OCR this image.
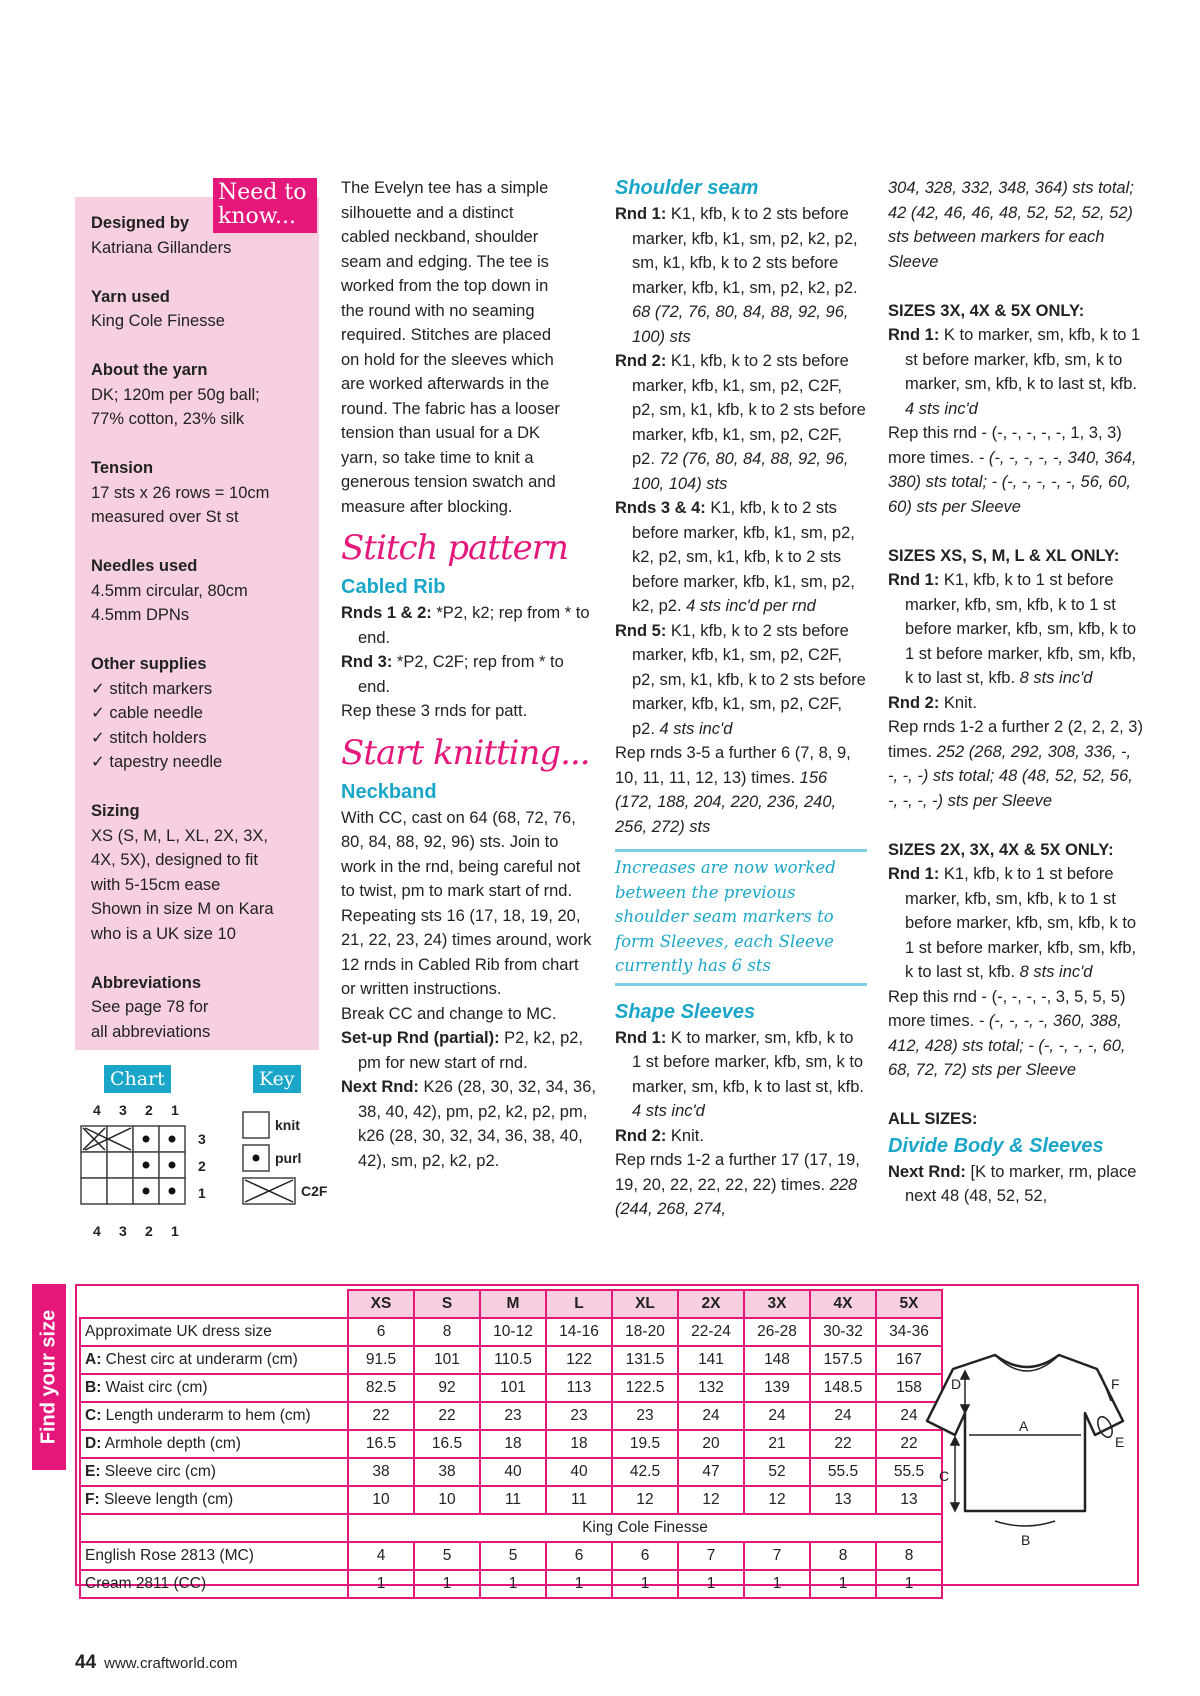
Designed by
Katriana Gillanders
Yarn used
King Cole Finesse
About the yarn
DK; 120m per 50g ball;
77% cotton, 23% silk
Tension
17 sts x 26 rows = 10cm
measured over St st
Needles used
4.5mm circular, 80cm
4.5mm DPNs
Other supplies
✓ stitch markers
✓ cable needle
✓ stitch holders
✓ tapestry needle
Sizing
XS (S, M, L, XL, 2X, 3X,
4X, 5X), designed to fit
with 5-15cm ease
Shown in size M on Kara
who is a UK size 10
Abbreviations
See page 78 for
all abbreviations
Need to know...
Chart	Key
4 3 2 1
4 3 2 1
3
2
1
knit
purl
C2F

The Evelyn tee has a simple
silhouette and a distinct
cabled neckband, shoulder
seam and edging. The tee is
worked from the top down in
the round with no seaming
required. Stitches are placed
on hold for the sleeves which
are worked afterwards in the
round. The fabric has a looser
tension than usual for a DK
yarn, so take time to knit a
generous tension swatch and
measure after blocking.

Stitch pattern
Cabled Rib

Rnds 1 & 2: *P2, k2; rep from * to end.

Rnd 3: *P2, C2F; rep from * to end.

Rep these 3 rnds for patt.

Start knitting...
Neckband

With CC, cast on 64 (68, 72, 76, 80, 84, 88, 92, 96) sts. Join to work in the rnd, being careful not to twist, pm to mark start of rnd. Repeating sts 16 (17, 18, 19, 20, 21, 22, 23, 24) times around, work 12 rnds in Cabled Rib from chart or written instructions.

Break CC and change to MC.

Set-up Rnd (partial): P2, k2, p2, pm for new start of rnd.

Next Rnd: K26 (28, 30, 32, 34, 36, 38, 40, 42), pm, p2, k2, p2, pm, k26 (28, 30, 32, 34, 36, 38, 40, 42), sm, p2, k2, p2.

Shoulder seam

Rnd 1: K1, kfb, k to 2 sts before marker, kfb, k1, sm, p2, k2, p2, sm, k1, kfb, k to 2 sts before marker, kfb, k1, sm, p2, k2, p2. 68 (72, 76, 80, 84, 88, 92, 96, 100) sts

Rnd 2: K1, kfb, k to 2 sts before marker, kfb, k1, sm, p2, C2F, p2, sm, k1, kfb, k to 2 sts before marker, kfb, k1, sm, p2, C2F, p2. 72 (76, 80, 84, 88, 92, 96, 100, 104) sts

Rnds 3 & 4: K1, kfb, k to 2 sts before marker, kfb, k1, sm, p2, k2, p2, sm, k1, kfb, k to 2 sts before marker, kfb, k1, sm, p2, k2, p2. 4 sts inc'd per rnd

Rnd 5: K1, kfb, k to 2 sts before marker, kfb, k1, sm, p2, C2F, p2, sm, k1, kfb, k to 2 sts before marker, kfb, k1, sm, p2, C2F, p2. 4 sts inc'd

Rep rnds 3-5 a further 6 (7, 8, 9, 10, 11, 11, 12, 13) times. 156 (172, 188, 204, 220, 236, 240, 256, 272) sts

Increases are now worked between the previous shoulder seam markers to form Sleeves, each Sleeve currently has 6 sts
Shape Sleeves

Rnd 1: K to marker, sm, kfb, k to 1 st before marker, kfb, sm, k to marker, sm, kfb, k to last st, kfb. 4 sts inc'd

Rnd 2: Knit.

Rep rnds 1-2 a further 17 (17, 19, 19, 20, 22, 22, 22, 22) times. 228 (244, 268, 274,

304, 328, 332, 348, 364) sts total; 42 (42, 46, 46, 48, 52, 52, 52, 52) sts between markers for each Sleeve

SIZES 3X, 4X & 5X ONLY:

Rnd 1: K to marker, sm, kfb, k to 1 st before marker, kfb, sm, k to marker, sm, kfb, k to last st, kfb. 4 sts inc'd

Rep this rnd - (-, -, -, -, -, 1, 3, 3) more times. - (-, -, -, -, -, 340, 364, 380) sts total; - (-, -, -, -, -, 56, 60, 60) sts per Sleeve

SIZES XS, S, M, L & XL ONLY:

Rnd 1: K1, kfb, k to 1 st before marker, kfb, sm, kfb, k to 1 st before marker, kfb, sm, kfb, k to 1 st before marker, kfb, sm, kfb, k to last st, kfb. 8 sts inc'd

Rnd 2: Knit.

Rep rnds 1-2 a further 2 (2, 2, 2, 3) times. 252 (268, 292, 308, 336, -, -, -, -) sts total; 48 (48, 52, 52, 56, -, -, -, -) sts per Sleeve

SIZES 2X, 3X, 4X & 5X ONLY:

Rnd 1: K1, kfb, k to 1 st before marker, kfb, sm, kfb, k to 1 st before marker, kfb, sm, kfb, k to 1 st before marker, kfb, sm, kfb, k to last st, kfb. 8 sts inc'd

Rep this rnd - (-, -, -, -, 3, 5, 5, 5) more times. - (-, -, -, -, 360, 388, 412, 428) sts total; - (-, -, -, -, 60, 68, 72, 72) sts per Sleeve

ALL SIZES:

Divide Body & Sleeves

Next Rnd: [K to marker, rm, place next 48 (48, 52, 52,

Find your size
	XS	S	M	L	XL	2X	3X	4X	5X
Approximate UK dress size	6	8	10-12	14-16	18-20	22-24	26-28	30-32	34-36
A: Chest circ at underarm (cm)	91.5	101	110.5	122	131.5	141	148	157.5	167
B: Waist circ (cm)	82.5	92	101	113	122.5	132	139	148.5	158
C: Length underarm to hem (cm)	22	22	23	23	23	24	24	24	24
D: Armhole depth (cm)	16.5	16.5	18	18	19.5	20	21	22	22
E: Sleeve circ (cm)	38	38	40	40	42.5	47	52	55.5	55.5
F: Sleeve length (cm)	10	10	11	11	12	12	12	13	13
	King Cole Finesse								
English Rose 2813 (MC)	4	5	5	6	6	7	7	8	8
Cream 2811 (CC)	1	1	1	1	1	1	1	1	1
D	F
A
E
C
B
44 www.craftworld.com
